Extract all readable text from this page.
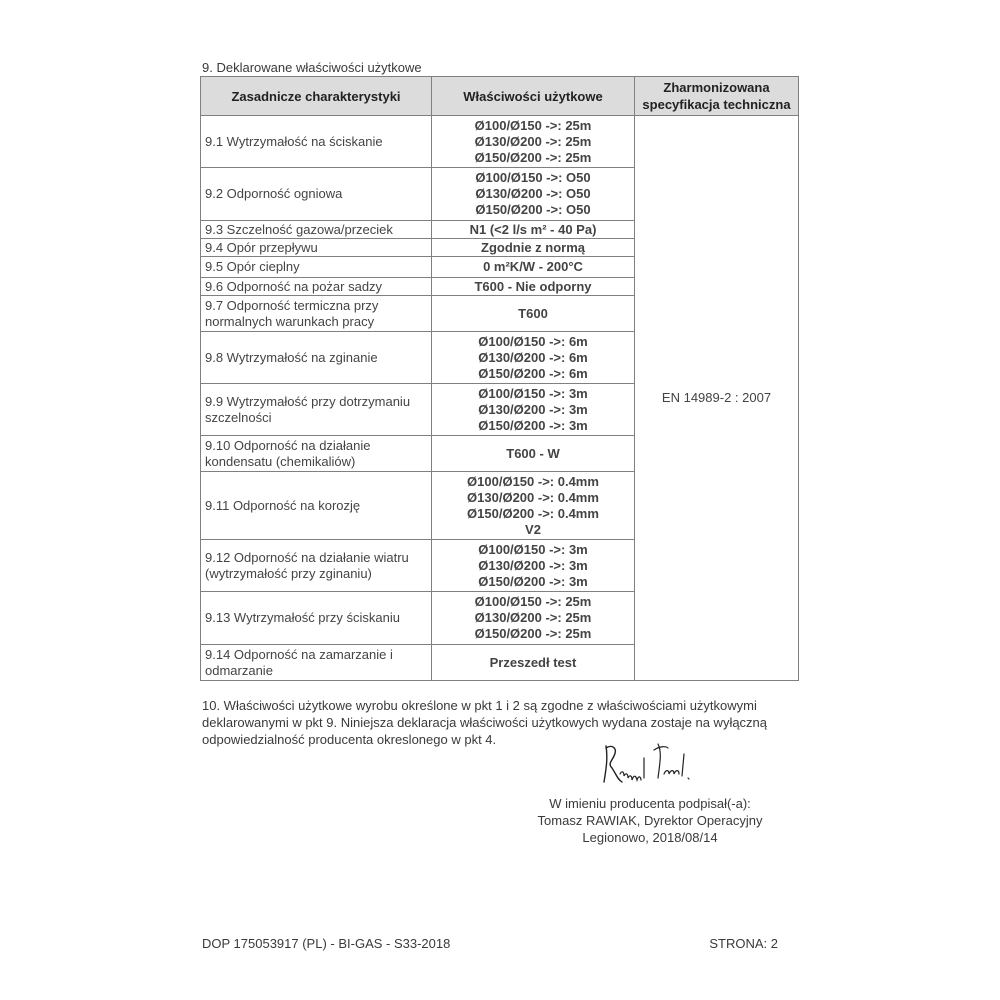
9. Deklarowane właściwości użytkowe
Zasadnicze charakterystyki	Właściwości użytkowe	Zharmonizowana specyfikacja techniczna
9.1 Wytrzymałość na ściskanie	Ø100/Ø150 ->: 25m
Ø130/Ø200 ->: 25m
Ø150/Ø200 ->: 25m	EN 14989-2 : 2007
9.2 Odporność ogniowa	Ø100/Ø150 ->: O50
Ø130/Ø200 ->: O50
Ø150/Ø200 ->: O50	

9.3 Szczelność gazowa/przeciek	N1 (<2 l/s m² - 40 Pa)	

9.4 Opór przepływu	Zgodnie z normą	

9.5 Opór cieplny	0 m²K/W - 200°C	

9.6 Odporność na pożar sadzy	T600 - Nie odporny	

9.7 Odporność termiczna przy normalnych warunkach pracy	T600	

9.8 Wytrzymałość na zginanie	Ø100/Ø150 ->: 6m
Ø130/Ø200 ->: 6m
Ø150/Ø200 ->: 6m	

9.9 Wytrzymałość przy dotrzymaniu szczelności	Ø100/Ø150 ->: 3m
Ø130/Ø200 ->: 3m
Ø150/Ø200 ->: 3m	

9.10 Odporność na działanie kondensatu (chemikaliów)	T600 - W	

9.11 Odporność na korozję	Ø100/Ø150 ->: 0.4mm
Ø130/Ø200 ->: 0.4mm
Ø150/Ø200 ->: 0.4mm
V2	

9.12 Odporność na działanie wiatru (wytrzymałość przy zginaniu)	Ø100/Ø150 ->: 3m
Ø130/Ø200 ->: 3m
Ø150/Ø200 ->: 3m	

9.13 Wytrzymałość przy ściskaniu	Ø100/Ø150 ->: 25m
Ø130/Ø200 ->: 25m
Ø150/Ø200 ->: 25m	

9.14 Odporność na zamarzanie i odmarzanie	Przeszedł test	
10. Właściwości użytkowe wyrobu określone w pkt 1 i 2 są zgodne z właściwościami użytkowymi deklarowanymi w pkt 9. Niniejsza deklaracja właściwości użytkowych wydana zostaje na wyłączną odpowiedzialność producenta okreslonego w pkt 4.
W imieniu producenta podpisał(-a):
Tomasz RAWIAK, Dyrektor Operacyjny
Legionowo, 2018/08/14
DOP 175053917 (PL) - BI-GAS - S33-2018	STRONA: 2
